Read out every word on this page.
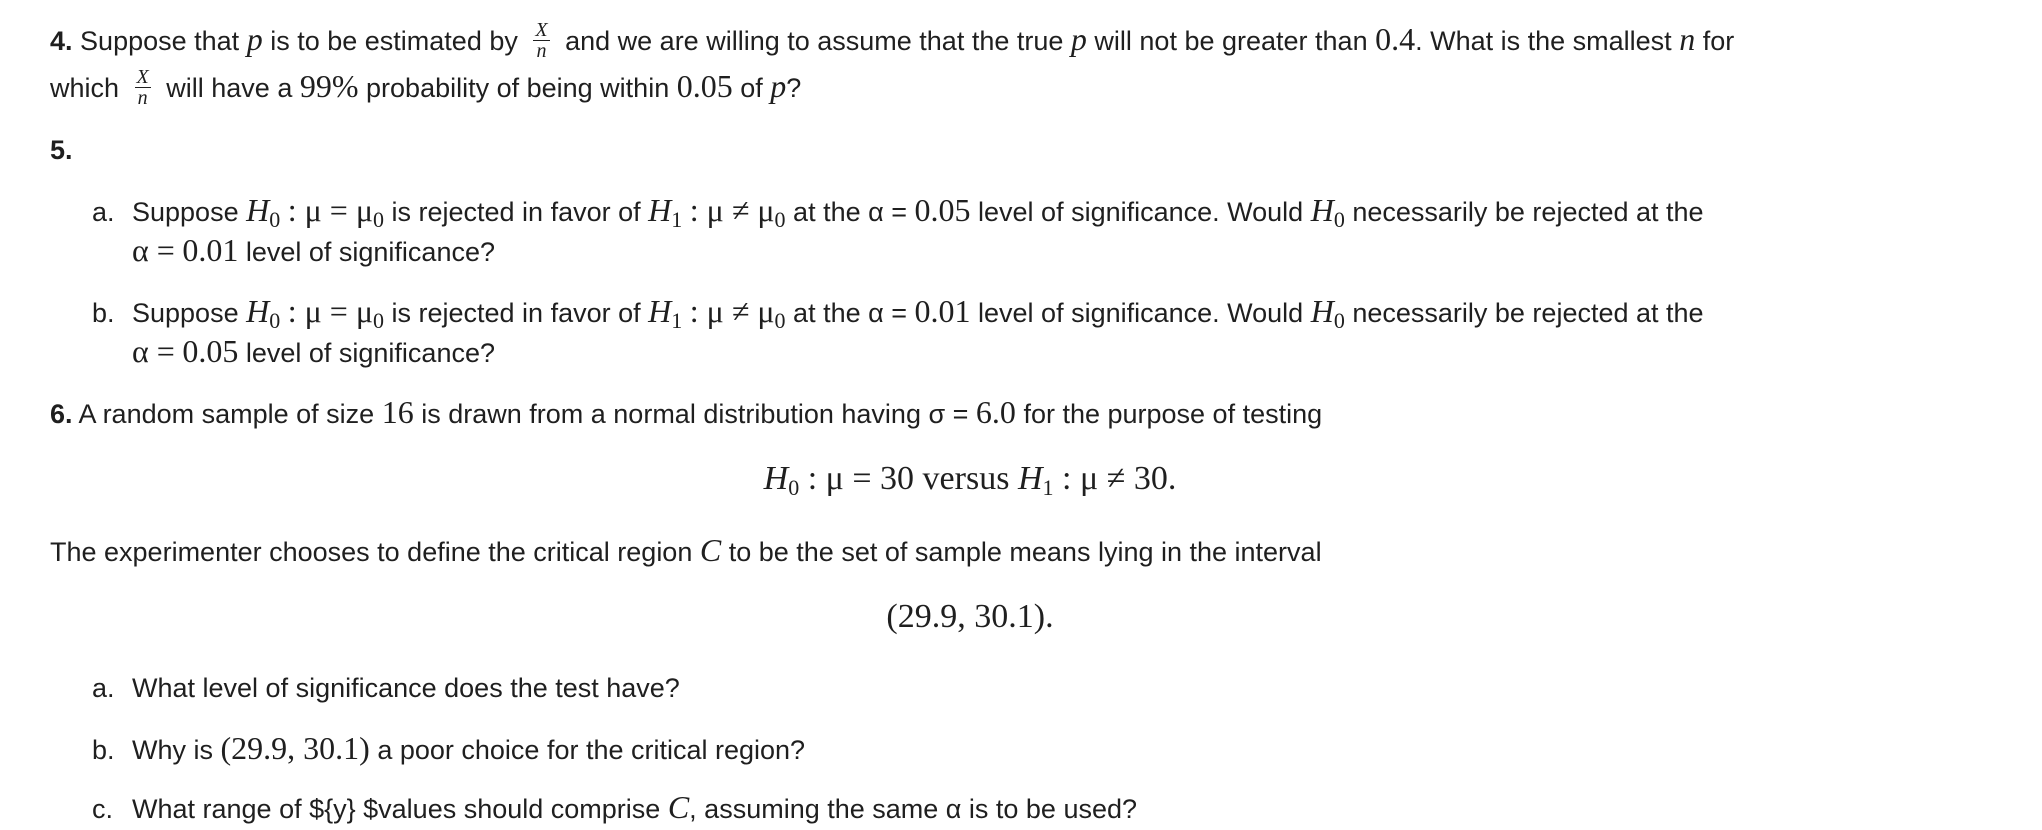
4. Suppose that p is to be estimated by $\frac{X}{n}$ and we are willing to assume that the true p will not be greater than 0.4. What is the smallest n for
which $\frac{X}{n}$ will have a 99% probability of being within 0.05 of p?
5.
a. Suppose $H_0$ : $\mu = \mu_0$ is rejected in favor of $H_1$ : $\mu \ne \mu_0$ at the α = 0.05 level of significance. Would $H_0$ necessarily be rejected at the
α = 0.01 level of significance?
b. Suppose $H_0$ : $\mu = \mu_0$ is rejected in favor of $H_1$ : $\mu \ne \mu_0$ at the α = 0.01 level of significance. Would $H_0$ necessarily be rejected at the
α = 0.05 level of significance?
6. A random sample of size 16 is drawn from a normal distribution having σ = 6.0 for the purpose of testing
H0 : μ = 30 versus H1 : μ ≠ 30.
The experimenter chooses to define the critical region C to be the set of sample means lying in the interval
(29.9, 30.1).
a. What level of significance does the test have?
b. Why is (29.9, 30.1) a poor choice for the critical region?
c. What range of ${y} $values should comprise C, assuming the same α is to be used?
